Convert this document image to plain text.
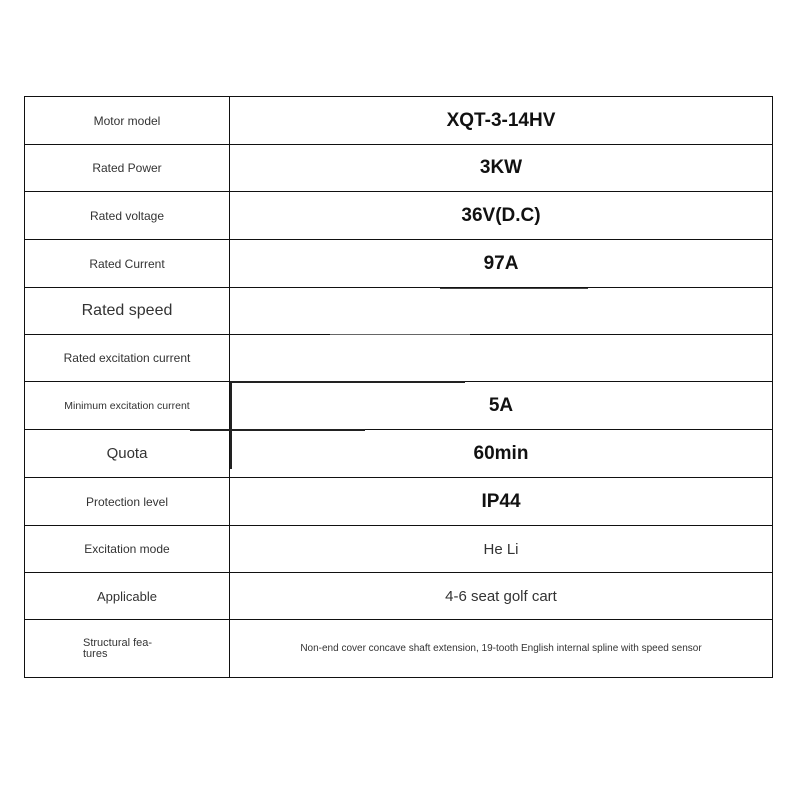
Motor model	XQT-3-14HV
Rated Power	3KW
Rated voltage	36V(D.C)
Rated Current	97A
Rated speed	
Rated excitation current	
Minimum excitation current	5A
Quota	60min
Protection level	IP44
Excitation mode	He Li
Applicable	4-6 seat golf cart
Structural fea-tures	Non-end cover concave shaft extension, 19-tooth English internal spline with speed sensor
